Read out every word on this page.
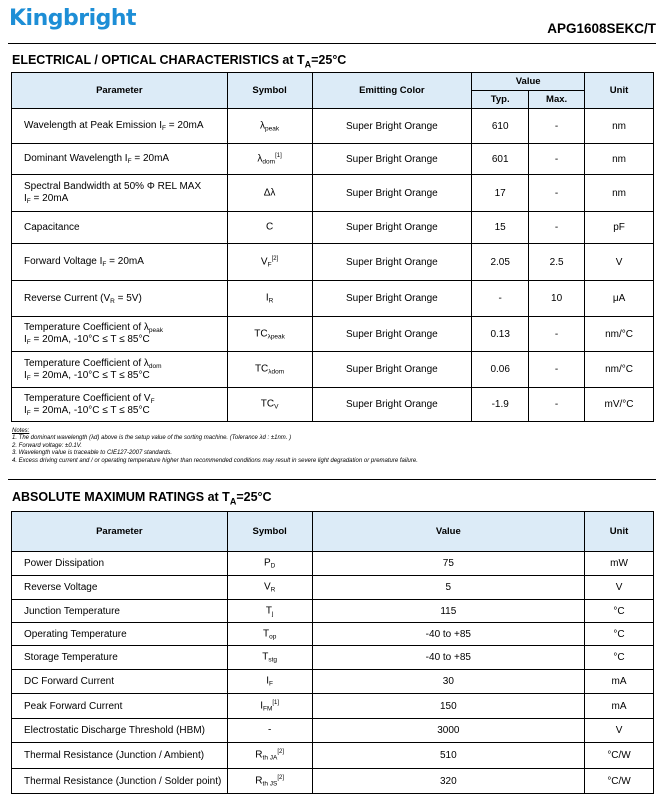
Kingbright	APG1608SEKC/T
ELECTRICAL / OPTICAL CHARACTERISTICS at $T_A=25^\circ C$
Parameter	Symbol	Emitting Color	Value		Unit
			Typ.	Max.	

Wavelength at Peak Emission $I_F = 20mA$	$\lambda_{peak}$	Super Bright Orange	610	-	nm

Dominant Wavelength $I_F = 20mA$	$\lambda_{dom}[1]$	Super Bright Orange	601	-	nm

Spectral Bandwidth at 50% Φ REL MAX
$I_F = 20mA$	Δλ	Super Bright Orange	17	-	nm

Capacitance	C	Super Bright Orange	15	-	pF

Forward Voltage $I_F = 20mA$	$V_F[2]$	Super Bright Orange	2.05	2.5	V

Reverse Current $(V_R = 5V)$	$I_R$	Super Bright Orange	-	10	μA

Temperature Coefficient of $\lambda_{peak}$
$I_F = 20mA$, -10°C ≤ T ≤ 85°C	$TC_{\lambda peak}$	Super Bright Orange	0.13	-	nm/°C

Temperature Coefficient of $\lambda_{dom}$
$I_F = 20mA$, -10°C ≤ T ≤ 85°C	$TC_{\lambda dom}$	Super Bright Orange	0.06	-	nm/°C

Temperature Coefficient of $V_F$
$I_F = 20mA$, -10°C ≤ T ≤ 85°C	$TC_V$	Super Bright Orange	-1.9	-	mV/°C
Notes:
1. The dominant wavelength (λd) above is the setup value of the sorting machine. (Tolerance λd : ±1nm. )
2. Forward voltage: ±0.1V.
3. Wavelength value is traceable to CIE127-2007 standards.
4. Excess driving current and / or operating temperature higher than recommended conditions may result in severe light degradation or premature failure.
ABSOLUTE MAXIMUM RATINGS at $T_A=25^\circ C$
Parameter	Symbol	Value	Unit
Power Dissipation	$P_D$	75	mW
Reverse Voltage	$V_R$	5	V
Junction Temperature	$T_j$	115	°C
Operating Temperature	$T_{op}$	-40 to +85	°C
Storage Temperature	$T_{stg}$	-40 to +85	°C
DC Forward Current	$I_F$	30	mA
Peak Forward Current	$I_{FM}[1]$	150	mA
Electrostatic Discharge Threshold (HBM)	-	3000	V
Thermal Resistance (Junction / Ambient)	$R_{th JA}[2]$	510	°C/W
Thermal Resistance (Junction / Solder point)	$R_{th JS}[2]$	320	°C/W
